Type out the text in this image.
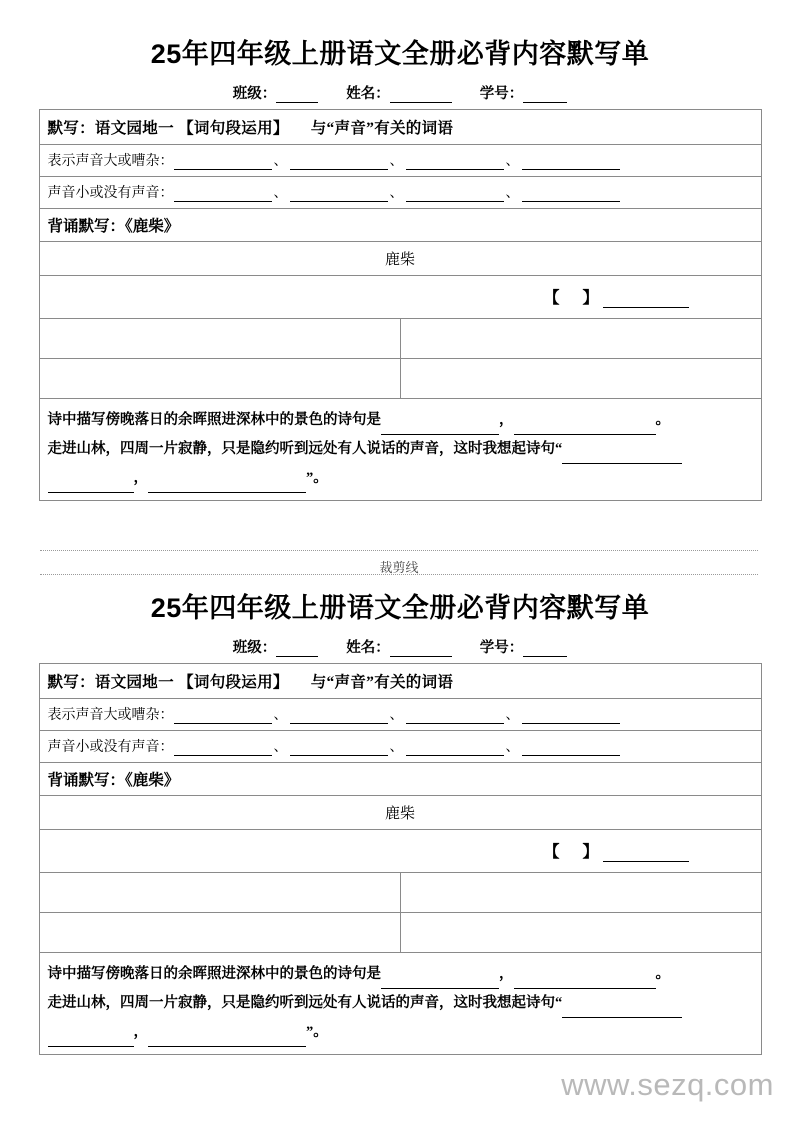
25年四年级上册语文全册必背内容默写单
班级：	姓名：	学号：
默写：语文园地一 【词句段运用】 与“声音”有关的词语	
表示声音大或嘈杂： 、 、 、	
声音小或没有声音： 、 、 、	
背诵默写：《鹿柴》	
鹿柴	
【 】	

诗中描写傍晚落日的余晖照进深林中的景色的诗句是 ， 。
走进山林，四周一片寂静，只是隐约听到远处有人说话的声音，这时我想起诗句“， ”。	
裁剪线
25年四年级上册语文全册必背内容默写单
班级：	姓名：	学号：
默写：语文园地一 【词句段运用】 与“声音”有关的词语	
表示声音大或嘈杂： 、 、 、	
声音小或没有声音： 、 、 、	
背诵默写：《鹿柴》	
鹿柴	
【 】	

诗中描写傍晚落日的余晖照进深林中的景色的诗句是 ， 。
走进山林，四周一片寂静，只是隐约听到远处有人说话的声音，这时我想起诗句“， ”。	
www.sezq.com
